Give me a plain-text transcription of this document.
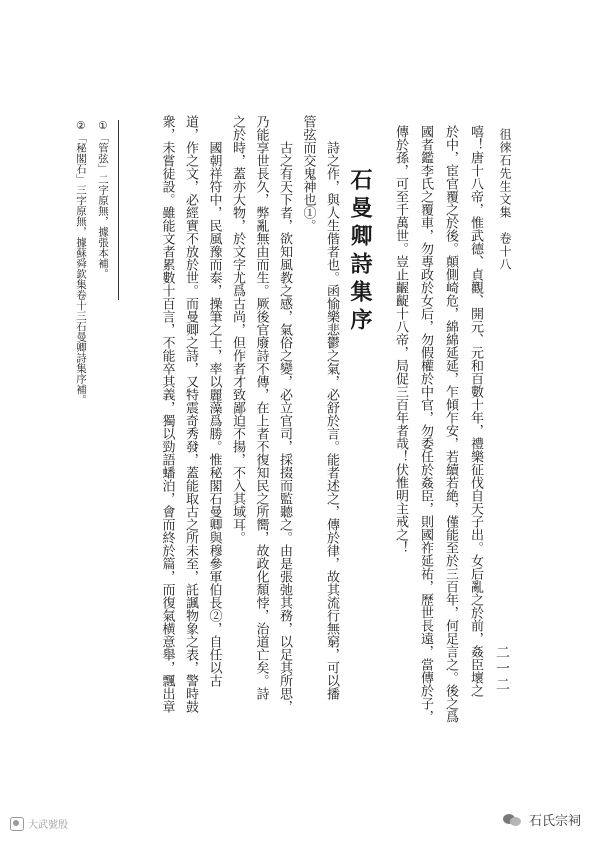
徂徠石先生文集　卷十八
二一二
嘻！唐十八帝，惟武德、貞觀、開元、元和百數十年，禮樂征伐自天子出。女后亂之於前，姦臣壞之
於中，宦官覆之於後。顛側崎危，綿綿延延，乍傾乍安，若續若絶，僅能至於三百年，何足言之。後之爲
國者鑑李氏之覆車，勿專政於女后，勿假權於中官，勿委任於姦臣，則國祚延祐，歷世長遠，當傳於子，
傳於孫，可至千萬世。豈止齷齪十八帝，局促三百年者哉！伏惟明主戒之！
石曼卿詩集序
詩之作，與人生偕者也。函愉樂悲鬱之氣，必舒於言。能者述之，傳於律，故其流行無窮，可以播
管弦而交鬼神也①。
古之有天下者，欲知風教之感，氣俗之變，必立官司，採掇而監聽之。由是張弛其務，以足其所思，
乃能享世長久，弊亂無由而生。厥後官廢詩不傳，在上者不復知民之所嚮，故政化頹悖，治道亡矣。詩
之於時，蓋亦大物，於文字尤爲古尚，但作者才致鄙迫不揚，不入其域耳。
國朝祥符中，民風豫而泰，操筆之士，率以麗藻爲勝。惟秘閣石曼卿與穆參軍伯長②，自任以古
道，作之文，必經實不放於世。而曼卿之詩，又特震奇秀發，蓋能取古之所未至，託諷物象之表，警時鼓
衆，未嘗徒設。雖能文者累數十百言，不能卒其義，獨以勁語蟠泊，會而終於篇，而復氣横意舉，飄出章
①「管弦」二字原無，據張本補。
②「秘閣石」三字原無，據蘇舜欽集卷十三石曼卿詩集序補。
大武號殷	石氏宗祠
